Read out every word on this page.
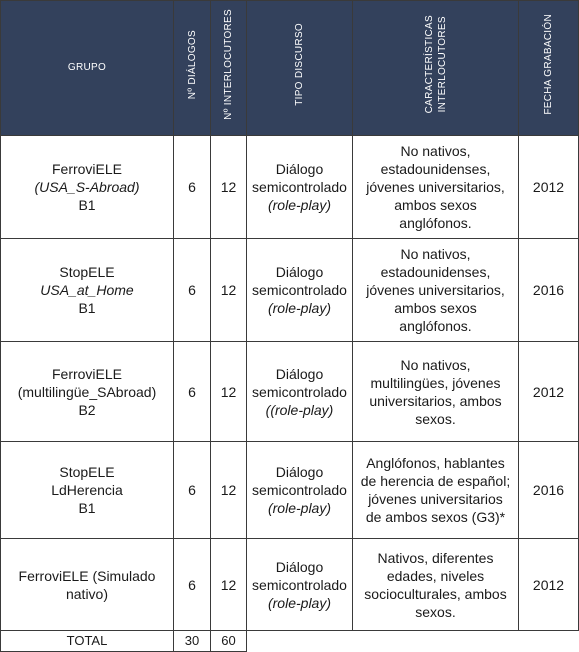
GRUPO	Nº DIÁLOGOS	Nº INTERLOCUTORES	TIPO DISCURSO	CARACTERÍSTICAS INTERLOCUTORES	FECHA GRABACIÓN

FerroviELE
(USA_S-Abroad)
B1	6	12	Diálogo
semicontrolado
(role-play)	No nativos,
estadounidenses,
jóvenes universitarios,
ambos sexos
anglófonos.	2012

StopELE
USA_at_Home
B1	6	12	Diálogo
semicontrolado
(role-play)	No nativos,
estadounidenses,
jóvenes universitarios,
ambos sexos
anglófonos.	2016

FerroviELE
(multilingüe_SAbroad)
B2	6	12	Diálogo
semicontrolado
((role-play)	No nativos,
multilingües, jóvenes
universitarios, ambos
sexos.	2012

StopELE
LdHerencia
B1	6	12	Diálogo
semicontrolado
(role-play)	Anglófonos, hablantes
de herencia de español;
jóvenes universitarios
de ambos sexos (G3)*	2016

FerroviELE (Simulado
nativo)	6	12	Diálogo
semicontrolado
(role-play)	Nativos, diferentes
edades, niveles
socioculturales, ambos
sexos.	2012
TOTAL	30	60			
